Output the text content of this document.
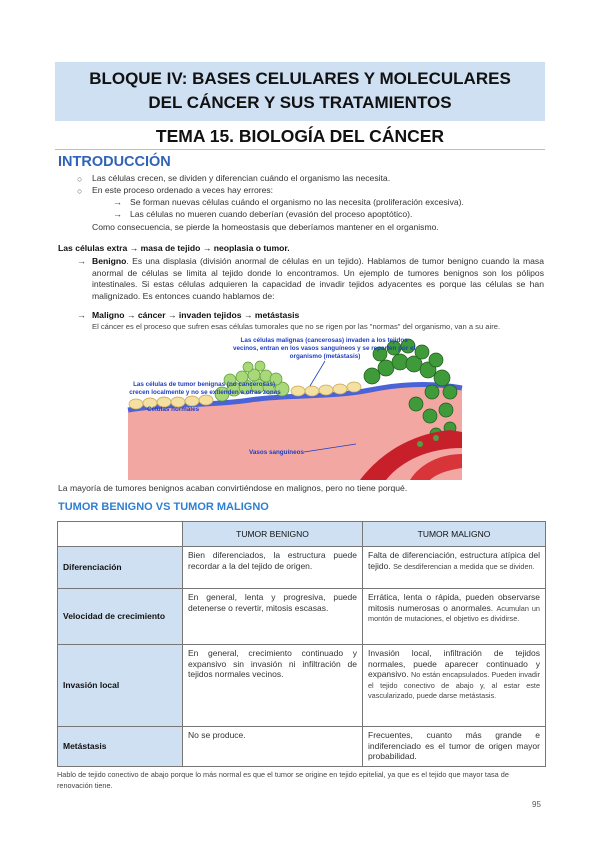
BLOQUE IV: BASES CELULARES Y MOLECULARES
DEL CÁNCER Y SUS TRATAMIENTOS
TEMA 15. BIOLOGÍA DEL CÁNCER
INTRODUCCIÓN
○ Las células crecen, se dividen y diferencian cuándo el organismo las necesita.
○ En este proceso ordenado a veces hay errores:
→ Se forman nuevas células cuándo el organismo no las necesita (proliferación excesiva).
→ Las células no mueren cuando deberían (evasión del proceso apoptótico).
Como consecuencia, se pierde la homeostasis que deberíamos mantener en el organismo.
Las células extra → masa de tejido → neoplasia o tumor.
→ Benigno. Es una displasia (división anormal de células en un tejido). Hablamos de tumor benigno cuando la masa anormal de células se limita al tejido donde lo encontramos. Un ejemplo de tumores benignos son los pólipos intestinales. Si estas células adquieren la capacidad de invadir tejidos adyacentes es porque las células se han malignizado. Es entonces cuando hablamos de:
→ Maligno → cáncer → invaden tejidos → metástasis
El cáncer es el proceso que sufren esas células tumorales que no se rigen por las "normas" del organismo, van a su aire.
Las células malignas (cancerosas) invaden a los tejidos vecinos, entran en los vasos sanguíneos y se reparten por el organismo (metástasis)
Las células de tumor benignas (no cancerosas) crecen localmente y no se extienden a otras zonas
Células normales
Vasos sanguíneos
La mayoría de tumores benignos acaban convirtiéndose en malignos, pero no tiene porqué.
TUMOR BENIGNO VS TUMOR MALIGNO
	TUMOR BENIGNO	TUMOR MALIGNO
Diferenciación	Bien diferenciados, la estructura puede recordar a la del tejido de origen.	Falta de diferenciación, estructura atípica del tejido. Se desdiferencian a medida que se dividen.
Velocidad de crecimiento	En general, lenta y progresiva, puede detenerse o revertir, mitosis escasas.	Errática, lenta o rápida, pueden observarse mitosis numerosas o anormales. Acumulan un montón de mutaciones, el objetivo es dividirse.
Invasión local	En general, crecimiento continuado y expansivo sin invasión ni infiltración de tejidos normales vecinos.	Invasión local, infiltración de tejidos normales, puede aparecer continuado y expansivo. No están encapsulados. Pueden invadir el tejido conectivo de abajo y, al estar este vascularizado, puede darse metástasis.
Metástasis	No se produce.	Frecuentes, cuanto más grande e indiferenciado es el tumor de origen mayor probabilidad.
Hablo de tejido conectivo de abajo porque lo más normal es que el tumor se origine en tejido epitelial, ya que es el tejido que mayor tasa de renovación tiene.
95
